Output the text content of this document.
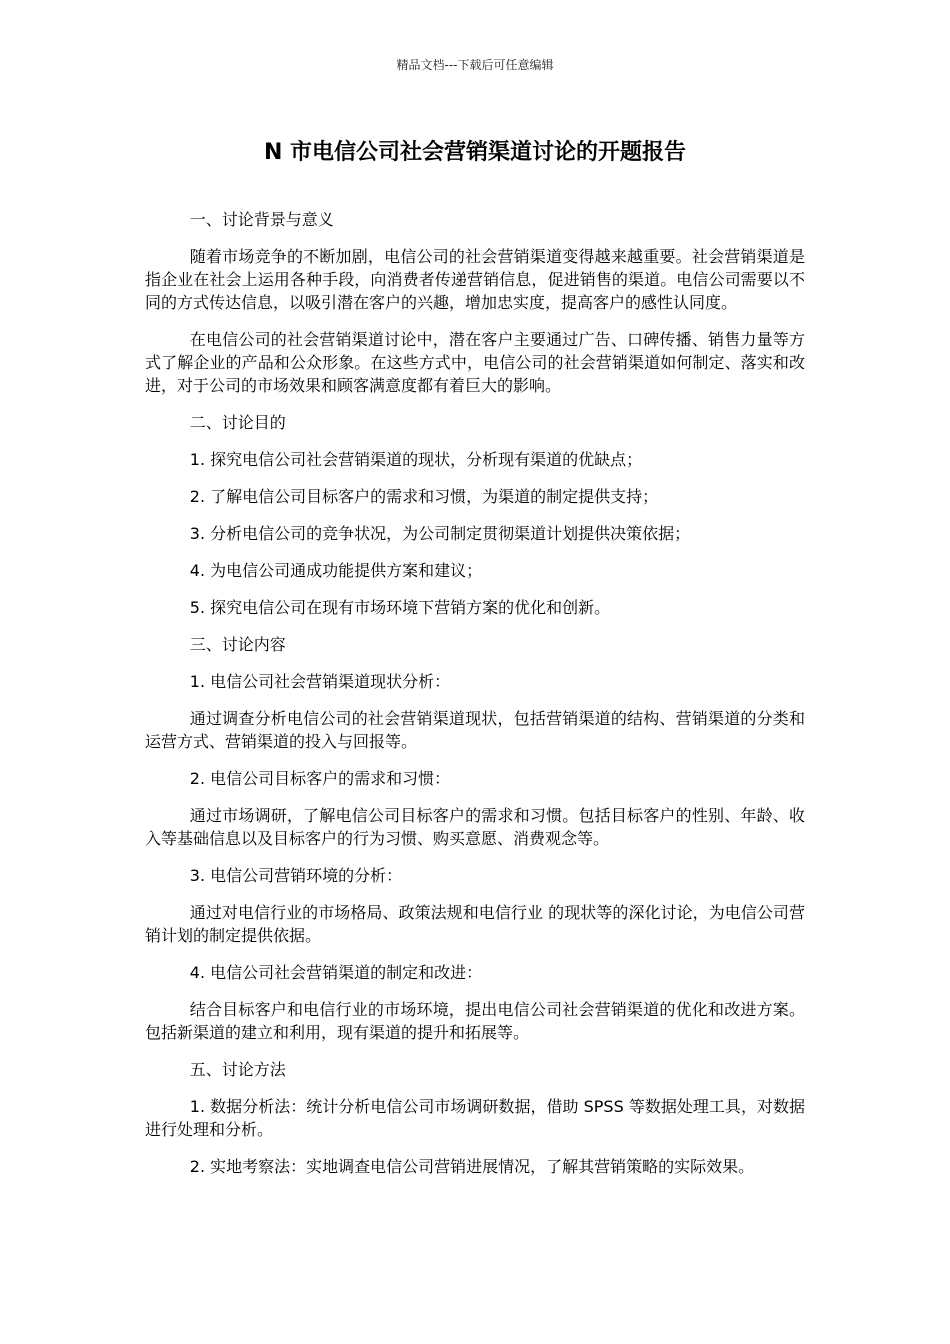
精品文档---下载后可任意编辑
N 市电信公司社会营销渠道讨论的开题报告

一、讨论背景与意义

随着市场竞争的不断加剧，电信公司的社会营销渠道变得越来越重要。社会营销渠道是指企业在社会上运用各种手段，向消费者传递营销信息，促进销售的渠道。电信公司需要以不同的方式传达信息，以吸引潜在客户的兴趣，增加忠实度，提高客户的感性认同度。

在电信公司的社会营销渠道讨论中，潜在客户主要通过广告、口碑传播、销售力量等方式了解企业的产品和公众形象。在这些方式中，电信公司的社会营销渠道如何制定、落实和改进，对于公司的市场效果和顾客满意度都有着巨大的影响。

二、讨论目的

1. 探究电信公司社会营销渠道的现状，分析现有渠道的优缺点；

2. 了解电信公司目标客户的需求和习惯，为渠道的制定提供支持；

3. 分析电信公司的竞争状况，为公司制定贯彻渠道计划提供决策依据；

4. 为电信公司通成功能提供方案和建议；

5. 探究电信公司在现有市场环境下营销方案的优化和创新。

三、讨论内容

1. 电信公司社会营销渠道现状分析：

通过调查分析电信公司的社会营销渠道现状，包括营销渠道的结构、营销渠道的分类和运营方式、营销渠道的投入与回报等。

2. 电信公司目标客户的需求和习惯：

通过市场调研，了解电信公司目标客户的需求和习惯。包括目标客户的性别、年龄、收入等基础信息以及目标客户的行为习惯、购买意愿、消费观念等。

3. 电信公司营销环境的分析：

通过对电信行业的市场格局、政策法规和电信行业 的现状等的深化讨论，为电信公司营销计划的制定提供依据。

4. 电信公司社会营销渠道的制定和改进：

结合目标客户和电信行业的市场环境，提出电信公司社会营销渠道的优化和改进方案。包括新渠道的建立和利用，现有渠道的提升和拓展等。

五、讨论方法

1. 数据分析法：统计分析电信公司市场调研数据，借助 SPSS 等数据处理工具，对数据进行处理和分析。

2. 实地考察法：实地调查电信公司营销进展情况，了解其营销策略的实际效果。
